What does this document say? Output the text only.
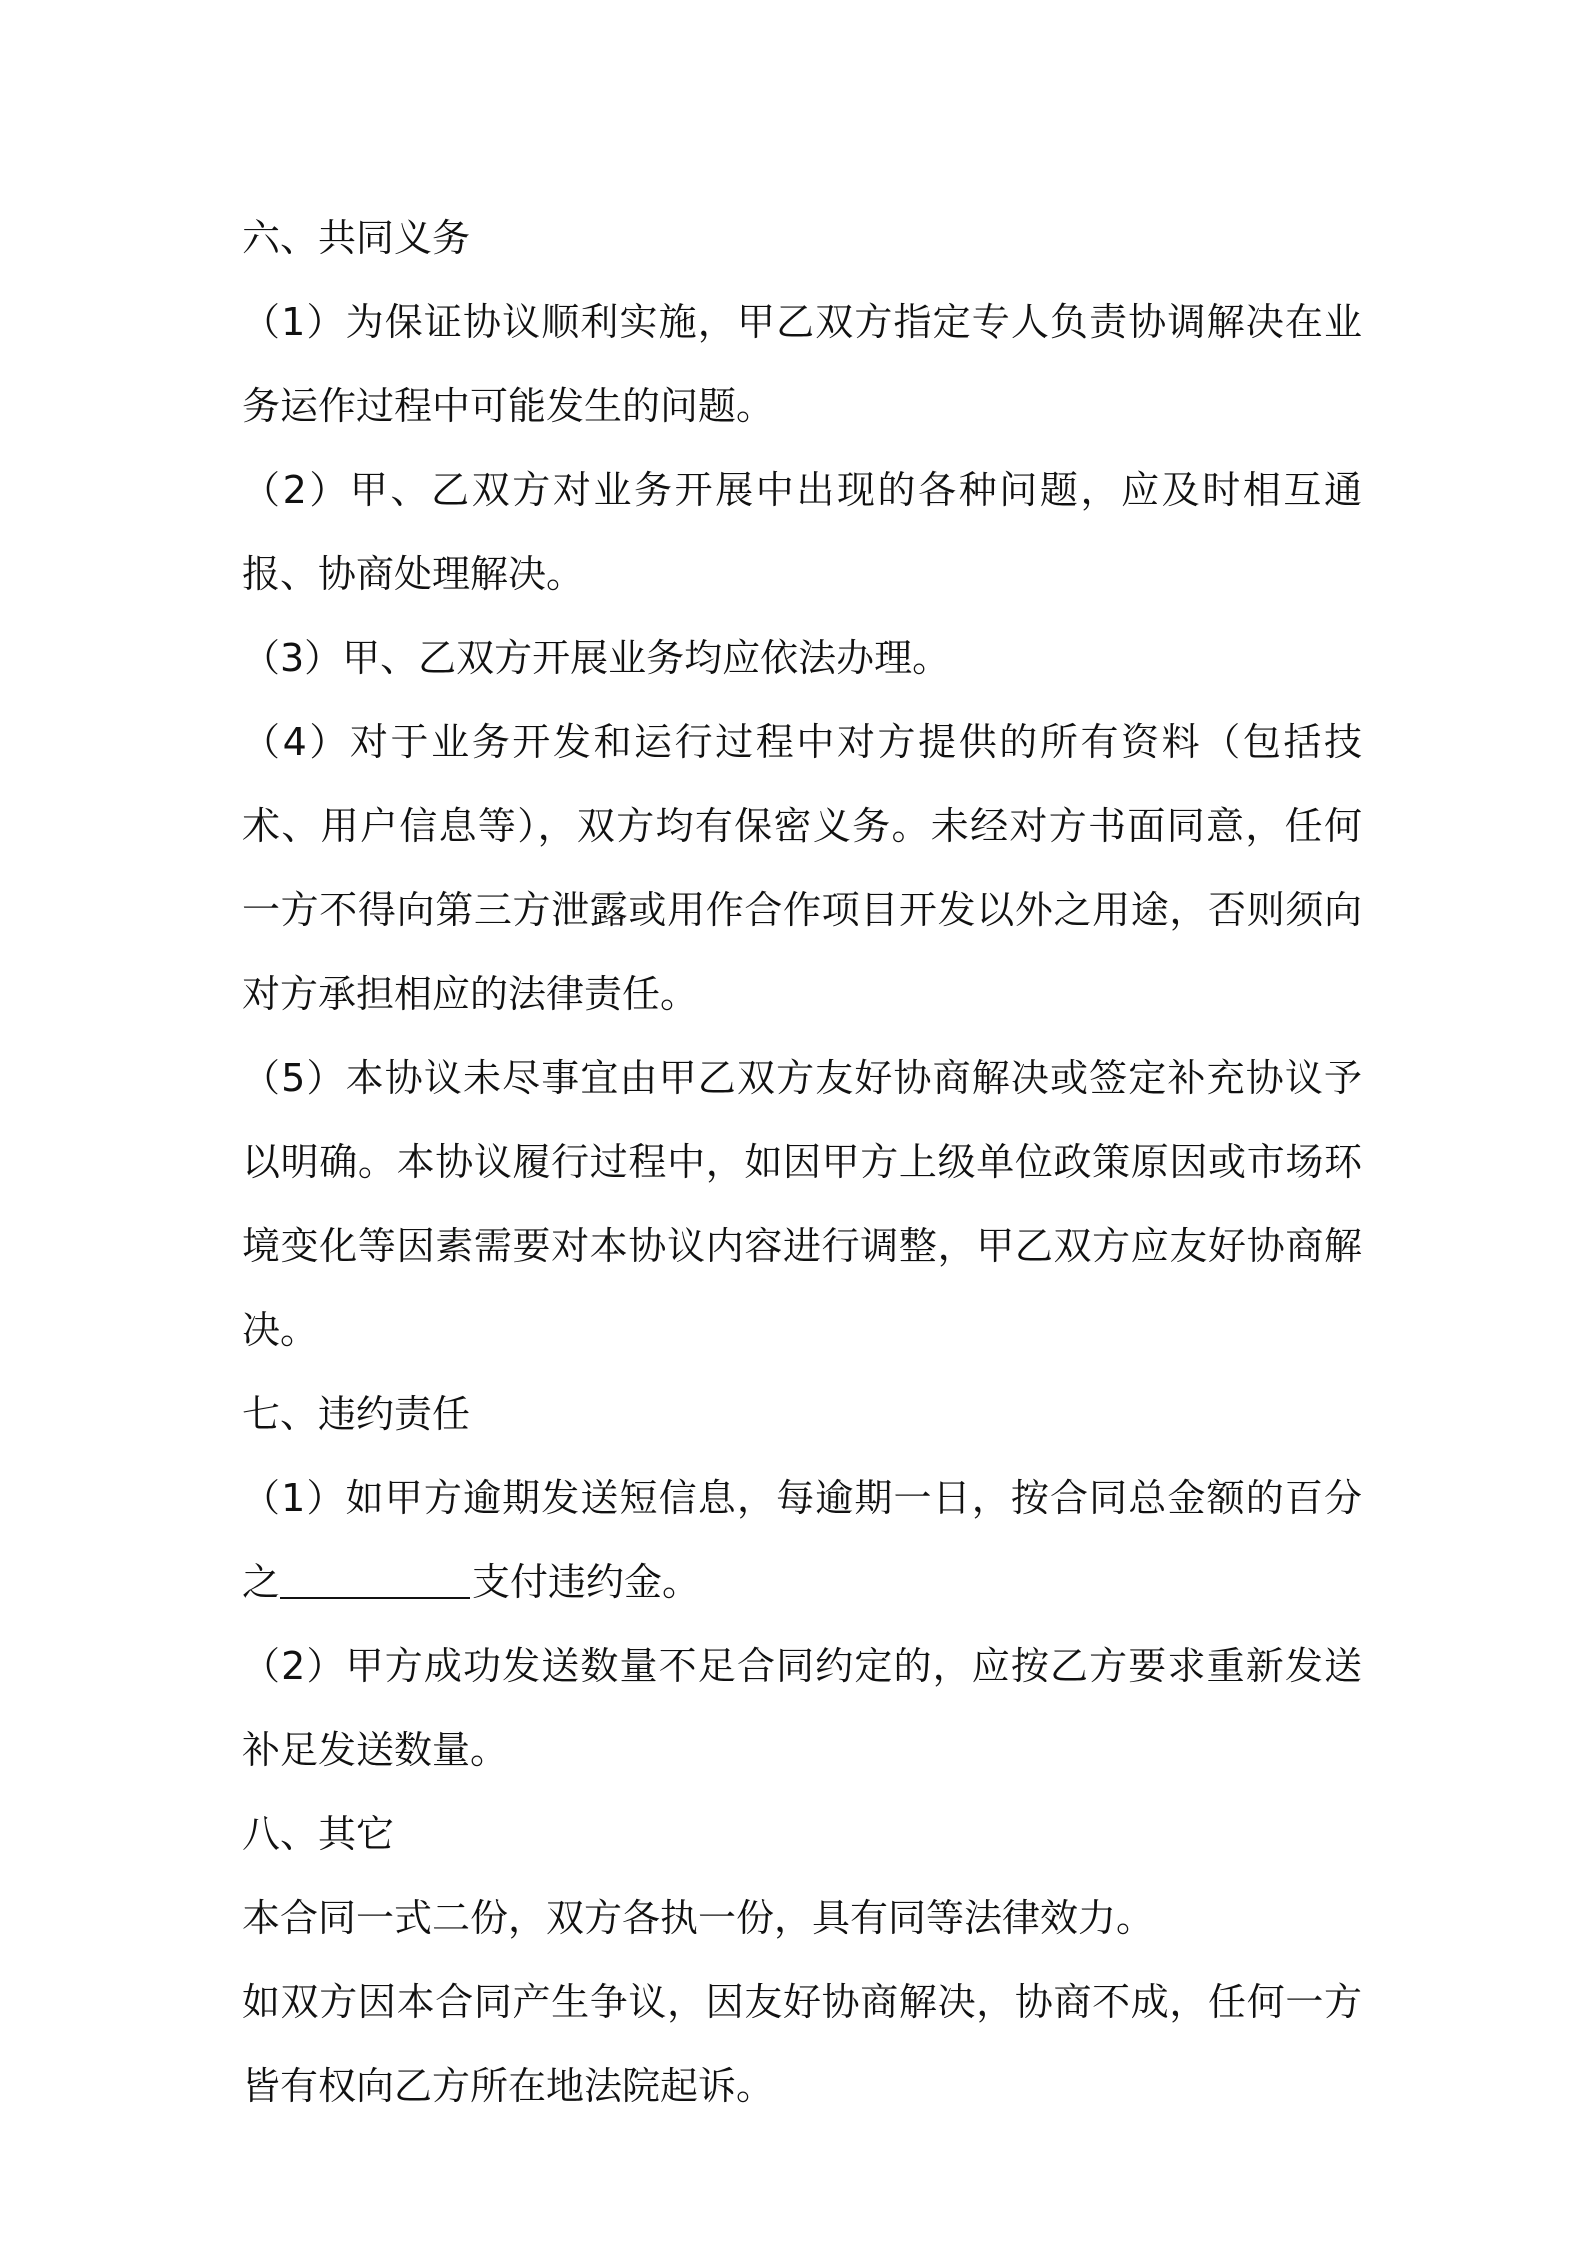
六、共同义务

（1）为保证协议顺利实施，甲乙双方指定专人负责协调解决在业务运作过程中可能发生的问题。

（2）甲、乙双方对业务开展中出现的各种问题，应及时相互通报、协商处理解决。

（3）甲、乙双方开展业务均应依法办理。

（4）对于业务开发和运行过程中对方提供的所有资料（包括技术、用户信息等），双方均有保密义务。未经对方书面同意，任何一方不得向第三方泄露或用作合作项目开发以外之用途，否则须向对方承担相应的法律责任。

（5）本协议未尽事宜由甲乙双方友好协商解决或签定补充协议予以明确。本协议履行过程中，如因甲方上级单位政策原因或市场环境变化等因素需要对本协议内容进行调整，甲乙双方应友好协商解决。

七、违约责任

（1）如甲方逾期发送短信息，每逾期一日，按合同总金额的百分之	支付违约金。

（2）甲方成功发送数量不足合同约定的，应按乙方要求重新发送补足发送数量。

八、其它

本合同一式二份，双方各执一份，具有同等法律效力。

如双方因本合同产生争议，因友好协商解决，协商不成，任何一方皆有权向乙方所在地法院起诉。
